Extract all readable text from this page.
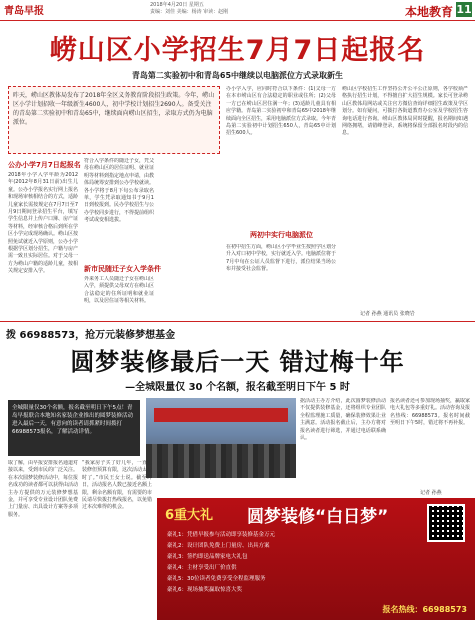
青岛早报
2018年4月20日 星期五
责编：刘佳 美编：杨涛 审读：赵刚	本地教育 11
崂山区小学招生7月7日起报名
青岛第二实验初中和青岛65中继续以电脑派位方式录取新生
昨天，崂山区教体局发布了2018年全区义务教育阶段招生政策。今年，崂山区小学计划招收一年级新生4600人，初中学校计划招生2690人。备受关注的青岛第二实验初中和青岛65中，继续面向崂山区招生，录取方式仍为电脑派位。
公办小学7月7日起报名
2018年小学入学年龄为2012年(2012年8月31日前)出生儿童。公办小学报名实行网上报名和现场审核相结合的方式，适龄儿童家长需按规定在7月7日至7月9日期间登录招生平台，填写学生信息并上传户口簿、房产证等材料，经审核合格后到所在学区小学完成现场确认。崂山区按照免试就近入学原则，公办小学根据学区划分招生，户籍与房产需一致且实际居住。对于父母一方为崂山户籍的适龄儿童，按相关规定安排入学。
符合入学条件的随迁子女，凭父母在崂山区的居住证明、就业证明等材料到指定地点申请，由教体局统筹安排到公办学校就读。各小学将于8月下旬公布录取名单，学生凭录取通知书于9月1日到校报到。民办学校招生与公办学校同步进行，不得提前组织考试或变相选拔。
新市民随迁子女入学条件
外来务工人员随迁子女在崂山区入学，须提供父母双方在崂山区合法稳定的住所证明和就业证明，以及居住证等相关材料。
办小学入学，应同时符合以下条件：(1)父母一方在本市崂山区有合法稳定的职业或住所；(2)父母一方已在崂山区居住满一年；(3)适龄儿童具有相应学籍。青岛第二实验初中和青岛65中2018年继续面向全区招生，采用电脑派位方式录取。今年青岛第二实验初中计划招生650人，青岛65中计划招生600人。
两初中实行电脑派位
在初中招生方面，崂山区小学毕业生按照学区划分升入对口初中学校，实行就近入学。电脑派位将于7月中旬在公证人员监督下进行，派位结果当场公布并接受社会监督。
崂山区学校招生工作坚持公开公平公正原则，各学校须严格执行招生计划，不得擅自扩大招生规模。家长可登录崂山区教体局网站或关注官方微信查询详细招生政策及学区划分。如有疑问，可拨打各街道教育办公室及学校招生咨询电话进行咨询。崂山区教体局同时提醒，报名期间如遇网络拥堵，请错峰登录，系统将保留全部报名时段内的信息。
记者 孙燕 通讯员 张晓岩
拨 66988573，抢万元装修梦想基金
圆梦装修最后一天 错过梅十年
—全城限量仅 30 个名额，报名截至明日下午 5 时
全城限量仅30个名额，报名截至明日下午5点！青岛早报联合本地知名家装企业推出的圆梦装修活动进入最后一天，有意向的读者请抓紧时间拨打66988573报名，了解活动详情。
取了解，由早报安排报名通道对接以来，受到市民的广泛关注。在本次圆梦装修活动中，每位报名成功的读者都可以获得由活动主办方提供的万元装修梦想基金，并可享受专业设计团队免费上门量房、出具设计方案等多项服务。
“我家房子买了好几年，一直想装修但预算有限，这次活动太及时了。”市民王女士说。截至昨日，活动报名人数已接近名额上限，剩余名额有限，有需要的市民请尽快拨打热线报名，以免错过本次难得的机会。
据活动主办方介绍，此次圆梦装修活动不仅提供装修基金，还将组织专业团队全程监理施工质量，确保装修效果让业主满意。活动报名截止后，主办方将对报名读者进行筛选，并通过电话联系确认。
报名读者还可参加现场抽奖，赢取家电大礼包等多重好礼。活动咨询及报名热线：66988573。报名时间截至明日下午5时，错过将不再补报。
记者 孙燕
6重大礼 圆梦装修“白日梦”
豪礼1：凭借早报参与活动即享装修基金万元
豪礼2：设计团队免费上门量房、出具方案
豪礼3：签约即送品牌家电大礼包
豪礼4：主材享受出厂价直供
豪礼5：30位读者免费享受全程监理服务
豪礼6：现场抽奖赢取惊喜大奖
报名热线：66988573
